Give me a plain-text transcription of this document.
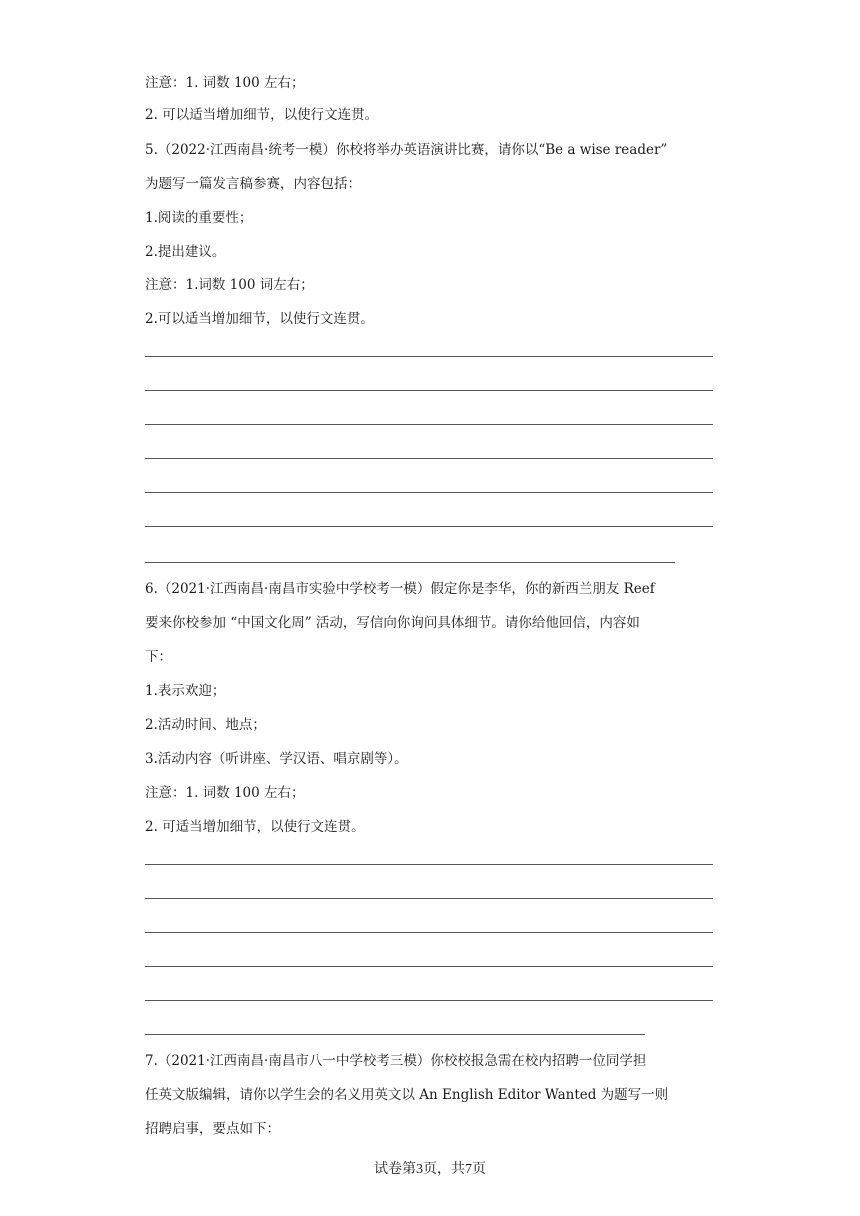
注意：1. 词数 100 左右；
2. 可以适当增加细节，以使行文连贯。
5.（2022·江西南昌·统考一模）你校将举办英语演讲比赛，请你以“Be a wise reader”
为题写一篇发言稿参赛，内容包括：
1.阅读的重要性；
2.提出建议。
注意：1.词数 100 词左右；
2.可以适当增加细节，以使行文连贯。
6.（2021·江西南昌·南昌市实验中学校考一模）假定你是李华，你的新西兰朋友 Reef
要来你校参加 “中国文化周” 活动，写信向你询问具体细节。请你给他回信，内容如
下：
1.表示欢迎；
2.活动时间、地点；
3.活动内容（听讲座、学汉语、唱京剧等）。
注意：1. 词数 100 左右；
2. 可适当增加细节，以使行文连贯。
7.（2021·江西南昌·南昌市八一中学校考三模）你校校报急需在校内招聘一位同学担
任英文版编辑，请你以学生会的名义用英文以 An English Editor Wanted 为题写一则
招聘启事，要点如下：
试卷第3页，共7页
